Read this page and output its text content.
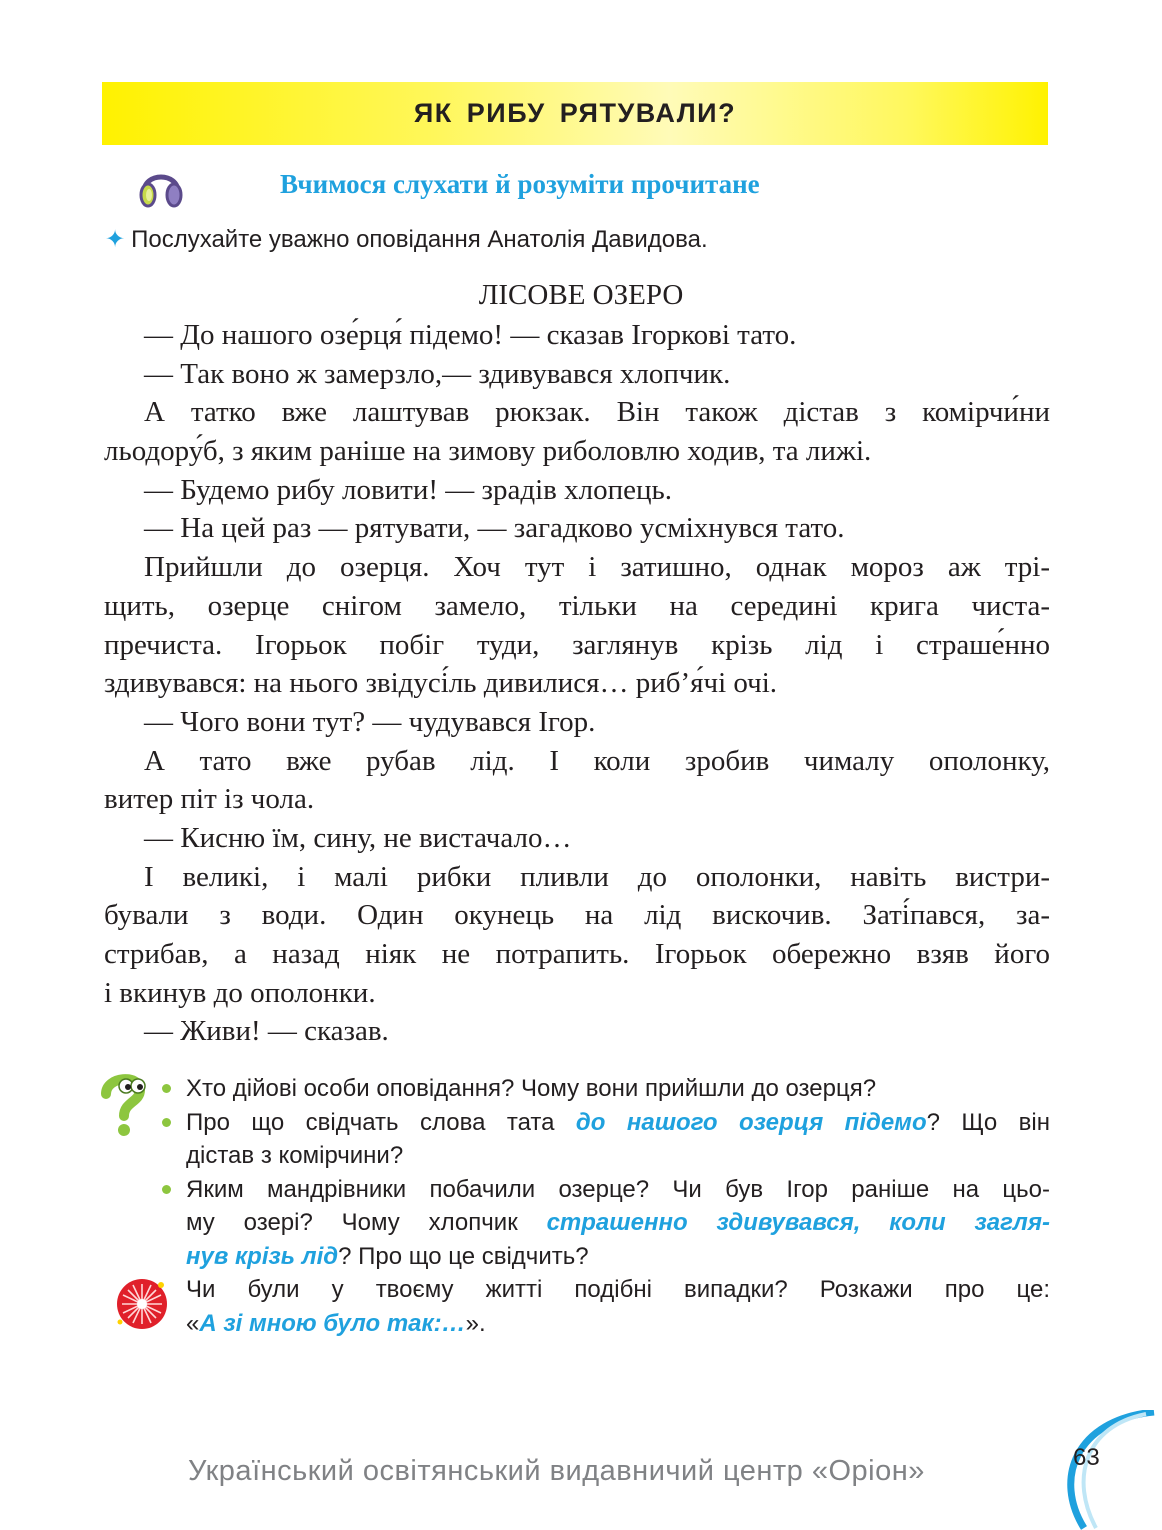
ЯК РИБУ РЯТУВАЛИ?
Вчимося слухати й розуміти прочитане
✦ Послухайте уважно оповідання Анатолія Давидова.
ЛІСОВЕ ОЗЕРО
— До нашого озе́рця́ підемо! — сказав Ігоркові тато.
— Так воно ж замерзло,— здивувався хлопчик.
А татко вже лаштував рюкзак. Він також дістав з комірчи́ни
льодору́б, з яким раніше на зимову риболовлю ходив, та лижі.
— Будемо рибу ловити! — зрадів хлопець.
— На цей раз — рятувати, — загадково усміхнувся тато.
Прийшли до озерця. Хоч тут і затишно, однак мороз аж трі-
щить, озерце снігом замело, тільки на середині крига чиста-
пречиста. Ігорьок побіг туди, заглянув крізь лід і страше́нно
здивувався: на нього звідусі́ль дивилися… риб’я́чі очі.
— Чого вони тут? — чудувався Ігор.
А тато вже рубав лід. І коли зробив чималу ополонку,
витер піт із чола.
— Кисню їм, сину, не вистачало…
І великі, і малі рибки пливли до ополонки, навіть вистри-
бували з води. Один окунець на лід вискочив. Заті́пався, за-
стрибав, а назад ніяк не потрапить. Ігорьок обережно взяв його
і вкинув до ополонки.
— Живи! — сказав.
Хто дійові особи оповідання? Чому вони прийшли до озерця?
Про що свідчать слова тата до нашого озерця підемо? Що він
дістав з комірчини?
Яким мандрівники побачили озерце? Чи був Ігор раніше на цьо-
му озері? Чому хлопчик страшенно здивувався, коли загля-
нув крізь лід? Про що це свідчить?
Чи були у твоєму житті подібні випадки? Розкажи про це:
«А зі мною було так:…».
63
Український освітянський видавничий центр «Оріон»
